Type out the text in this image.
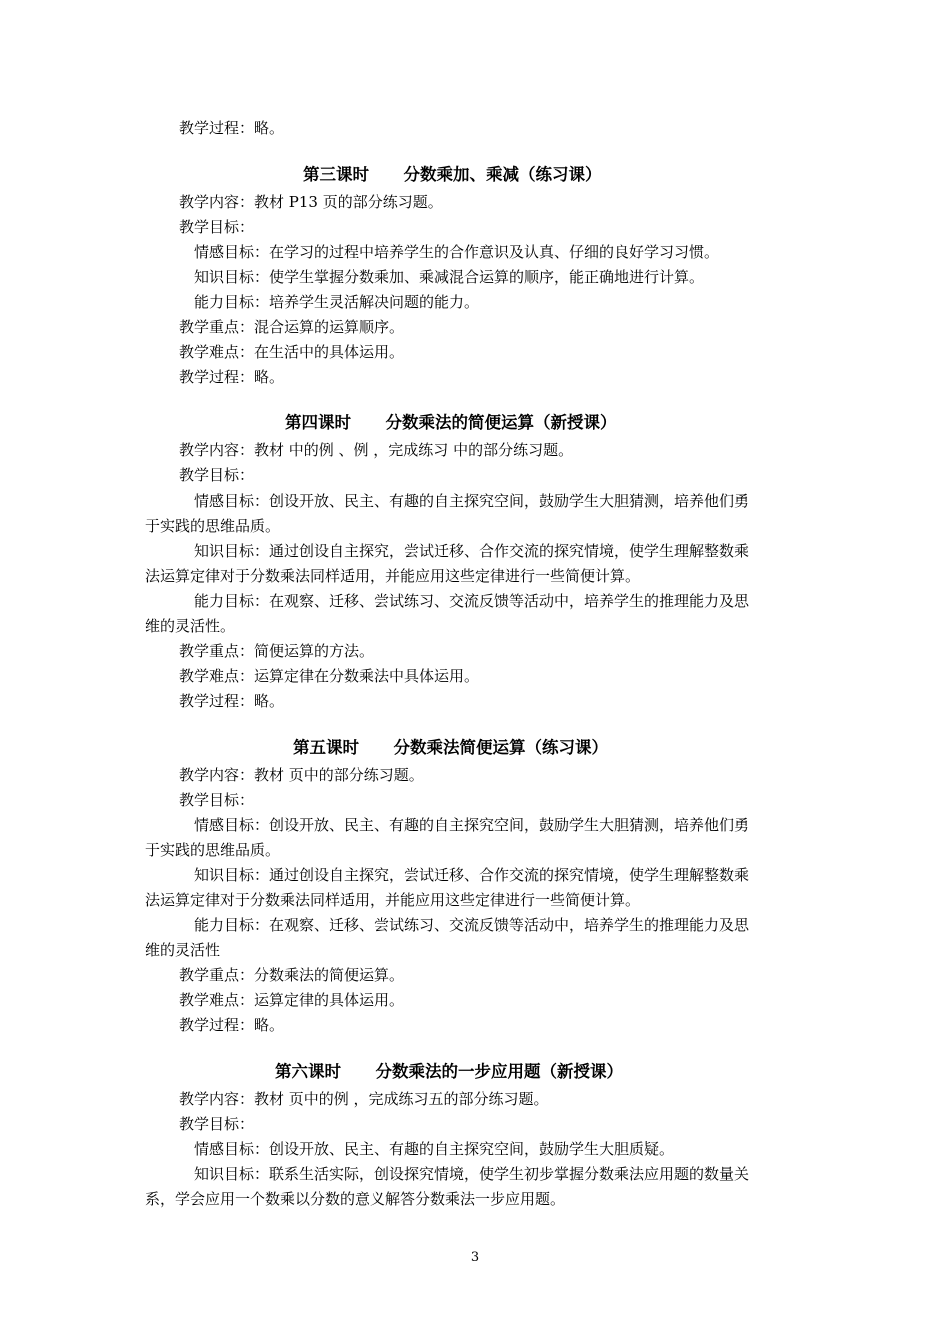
教学过程：略。
第三课时      分数乘加、乘减（练习课）
教学内容：教材 P13 页的部分练习题。
教学目标：
情感目标：在学习的过程中培养学生的合作意识及认真、仔细的良好学习习惯。
知识目标：使学生掌握分数乘加、乘减混合运算的顺序，能正确地进行计算。
能力目标：培养学生灵活解决问题的能力。
教学重点：混合运算的运算顺序。
教学难点：在生活中的具体运用。
教学过程：略。
第四课时      分数乘法的简便运算（新授课）
教学内容：教材 中的例 、例 ，完成练习 中的部分练习题。
教学目标：
情感目标：创设开放、民主、有趣的自主探究空间，鼓励学生大胆猜测，培养他们勇
于实践的思维品质。
知识目标：通过创设自主探究，尝试迁移、合作交流的探究情境，使学生理解整数乘
法运算定律对于分数乘法同样适用，并能应用这些定律进行一些简便计算。
能力目标：在观察、迁移、尝试练习、交流反馈等活动中，培养学生的推理能力及思
维的灵活性。
教学重点：简便运算的方法。
教学难点：运算定律在分数乘法中具体运用。
教学过程：略。
第五课时      分数乘法简便运算（练习课）
教学内容：教材 页中的部分练习题。
教学目标：
情感目标：创设开放、民主、有趣的自主探究空间，鼓励学生大胆猜测，培养他们勇
于实践的思维品质。
知识目标：通过创设自主探究，尝试迁移、合作交流的探究情境，使学生理解整数乘
法运算定律对于分数乘法同样适用，并能应用这些定律进行一些简便计算。
能力目标：在观察、迁移、尝试练习、交流反馈等活动中，培养学生的推理能力及思
维的灵活性
教学重点：分数乘法的简便运算。
教学难点：运算定律的具体运用。
教学过程：略。
第六课时      分数乘法的一步应用题（新授课）
教学内容：教材 页中的例 ，完成练习五的部分练习题。
教学目标：
情感目标：创设开放、民主、有趣的自主探究空间，鼓励学生大胆质疑。
知识目标：联系生活实际，创设探究情境，使学生初步掌握分数乘法应用题的数量关
系，学会应用一个数乘以分数的意义解答分数乘法一步应用题。
3
